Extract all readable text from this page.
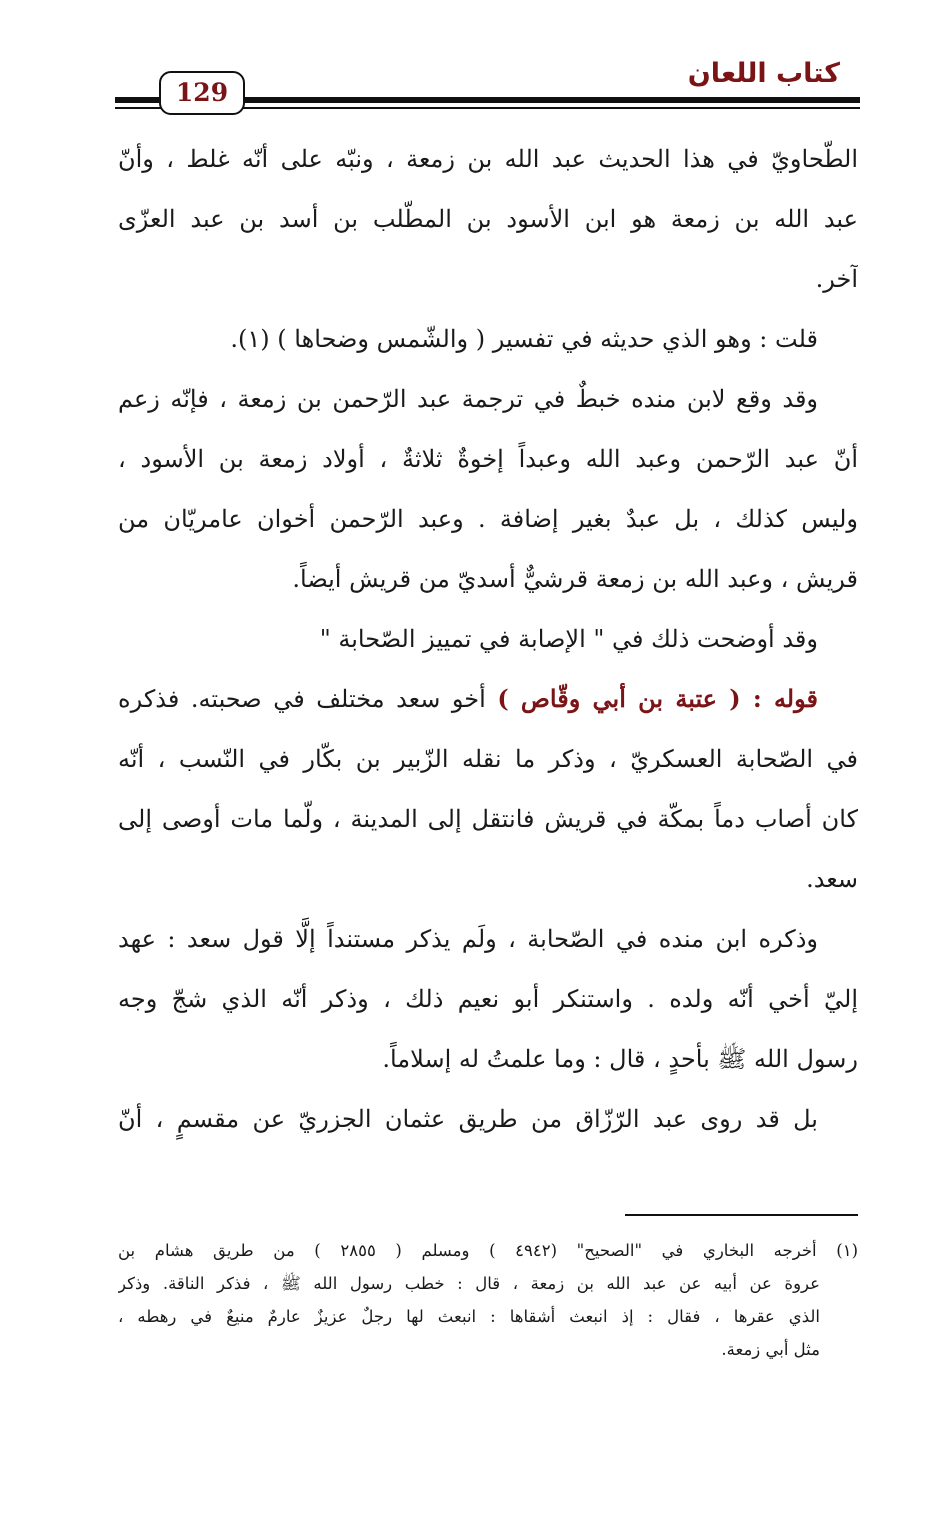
كتاب اللعان
129
الطّحاويّ في هذا الحديث عبد الله بن زمعة ، ونبّه على أنّه غلط ، وأنّ
عبد الله بن زمعة هو ابن الأسود بن المطّلب بن أسد بن عبد العزّى
آخر.
قلت : وهو الذي حديثه في تفسير ( والشّمس وضحاها ) (١).
وقد وقع لابن منده خبطٌ في ترجمة عبد الرّحمن بن زمعة ، فإنّه زعم
أنّ عبد الرّحمن وعبد الله وعبداً إخوةٌ ثلاثةٌ ، أولاد زمعة بن الأسود ،
وليس كذلك ، بل عبدٌ بغير إضافة . وعبد الرّحمن أخوان عامريّان من
قريش ، وعبد الله بن زمعة قرشيٌّ أسديّ من قريش أيضاً.
وقد أوضحت ذلك في " الإصابة في تمييز الصّحابة "
قوله : ( عتبة بن أبي وقّاص ) أخو سعد مختلف في صحبته. فذكره
في الصّحابة العسكريّ ، وذكر ما نقله الزّبير بن بكّار في النّسب ، أنّه
كان أصاب دماً بمكّة في قريش فانتقل إلى المدينة ، ولّما مات أوصى إلى
سعد.
وذكره ابن منده في الصّحابة ، ولَم يذكر مستنداً إلَّا قول سعد : عهد
إليّ أخي أنّه ولده . واستنكر أبو نعيم ذلك ، وذكر أنّه الذي شجّ وجه
رسول الله ﷺ بأحدٍ ، قال : وما علمتُ له إسلاماً.
بل قد روى عبد الرّزّاق من طريق عثمان الجزريّ عن مقسمٍ ، أنّ
(١) أخرجه البخاري في "الصحيح" (٤٩٤٢ ) ومسلم ( ٢٨٥٥ ) من طريق هشام بن
عروة عن أبيه عن عبد الله بن زمعة ، قال : خطب رسول الله ﷺ ، فذكر الناقة. وذكر
الذي عقرها ، فقال : إذ انبعث أشقاها : انبعث لها رجلٌ عزيزٌ عارمٌ منيعٌ في رهطه ،
مثل أبي زمعة.
